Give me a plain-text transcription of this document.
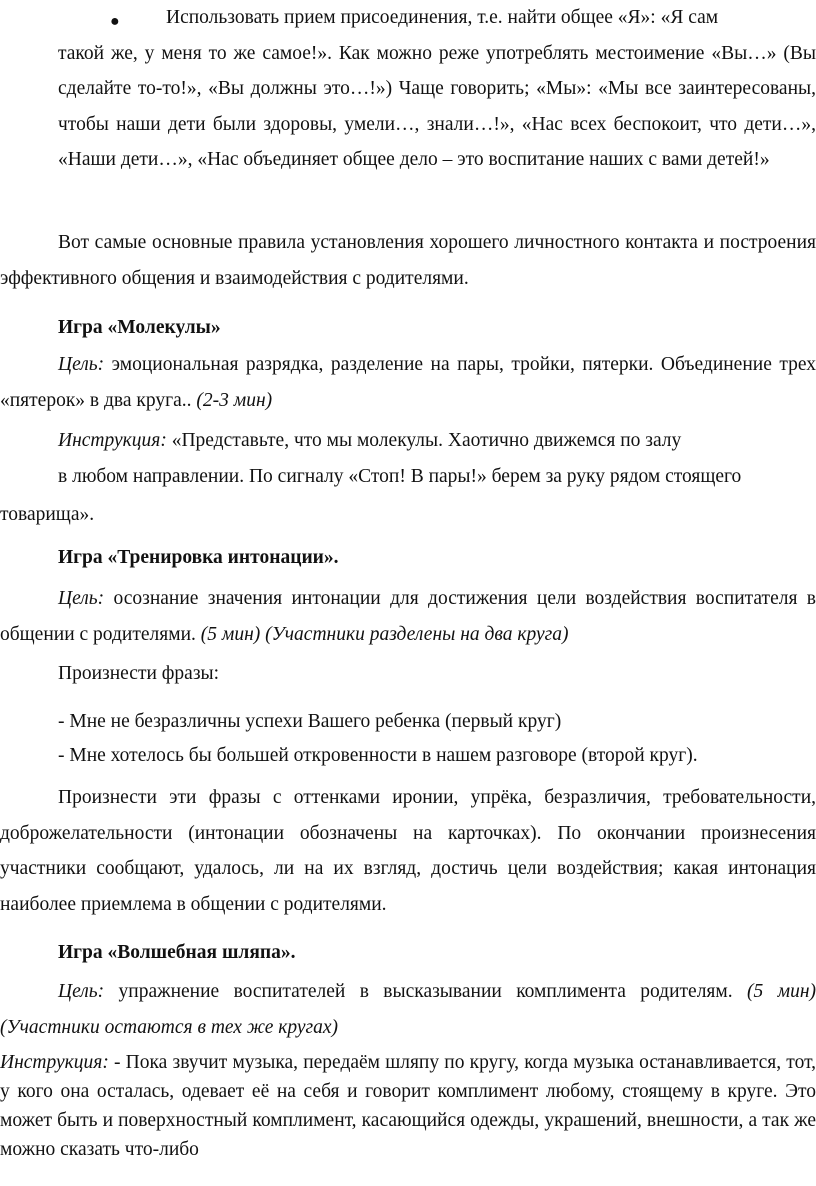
●	Использовать прием присоединения, т.е. найти общее «Я»: «Я сам
такой же, у меня то же самое!». Как можно реже употреблять местоимение «Вы…» (Вы сделайте то-то!», «Вы должны это…!») Чаще говорить; «Мы»: «Мы все заинтересованы, чтобы наши дети были здоровы, умели…, знали…!», «Нас всех беспокоит, что дети…», «Наши дети…», «Нас объединяет общее дело – это воспитание наших с вами детей!»

Вот самые основные правила установления хорошего личностного контакта и построения эффективного общения и взаимодействия с родителями.

Игра «Молекулы»

Цель: эмоциональная разрядка, разделение на пары, тройки, пятерки. Объединение трех «пятерок» в два круга.. (2-3 мин)

Инструкция: «Представьте, что мы молекулы. Хаотично движемся по залу

в любом направлении. По сигналу «Стоп! В пары!» берем за руку рядом стоящего

товарища».

Игра «Тренировка интонации».

Цель: осознание значения интонации для достижения цели воздействия воспитателя в общении с родителями. (5 мин) (Участники разделены на два круга)

Произнести фразы:

- Мне не безразличны успехи Вашего ребенка (первый круг)

- Мне хотелось бы большей откровенности в нашем разговоре (второй круг).

Произнести эти фразы с оттенками иронии, упрёка, безразличия, требовательности, доброжелательности (интонации обозначены на карточках). По окончании произнесения участники сообщают, удалось, ли на их взгляд, достичь цели воздействия; какая интонация наиболее приемлема в общении с родителями.

Игра «Волшебная шляпа».

Цель: упражнение воспитателей в высказывании комплимента родителям. (5 мин) (Участники остаются в тех же кругах)

Инструкция: - Пока звучит музыка, передаём шляпу по кругу, когда музыка останавливается, тот, у кого она осталась, одевает её на себя и говорит комплимент любому, стоящему в круге. Это может быть и поверхностный комплимент, касающийся одежды, украшений, внешности, а так же можно сказать что-либо
